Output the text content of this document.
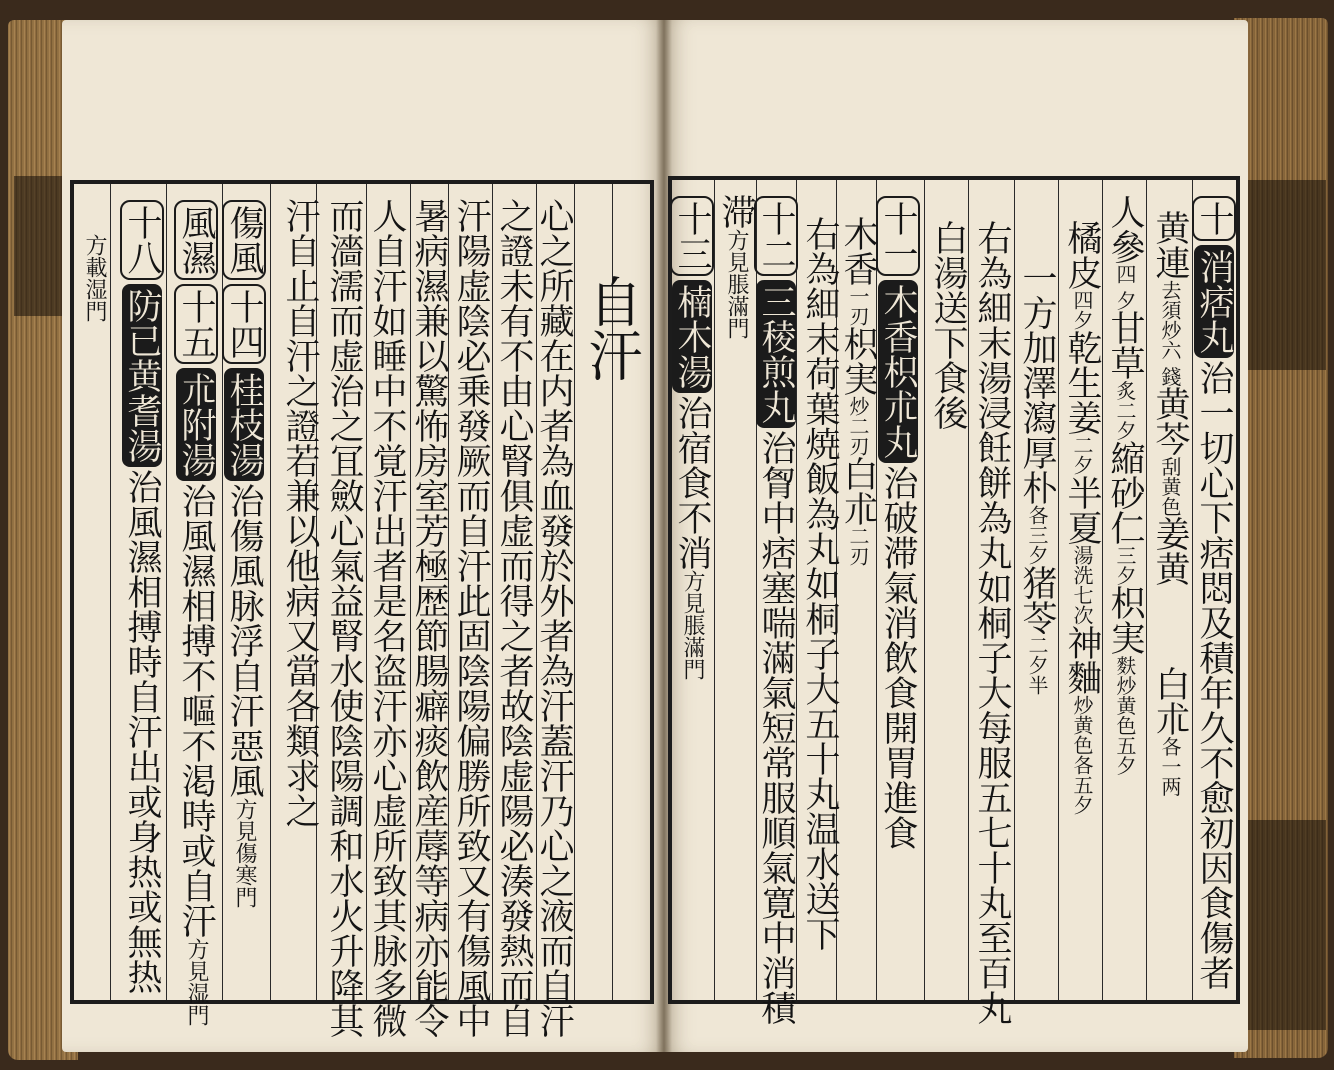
自汗
心之所藏在内者為血發於外者為汗蓋汗乃心之液而自汗
之證未有不由心腎俱虚而得之者故陰虚陽必湊發熱而自
汗陽虚陰必乗發厥而自汗此固陰陽偏勝所致又有傷風中
暑病濕兼以驚怖房室芳極歴節腸癖痰飲産蓐等病亦能令
人自汗如睡中不覚汗出者是名盗汗亦心虚所致其脉多微
而濇濡而虚治之冝斂心氣益腎水使陰陽調和水火升降其
汗自止自汗之證若兼以他病又當各類求之
傷風十四桂枝湯治傷風脉浮自汗惡風方見傷寒門
風濕十五朮附湯治風濕相搏不嘔不渇時或自汗方見湿門
十八防已黄耆湯治風濕相搏時自汗出或身热或無热
方載湿門
十消痞丸治一切心下痞悶及積年久不愈初因食傷者
黄連去須炒六 錢黄芩刮黄色姜黄白朮各一两
人參四 夕甘草炙二夕縮砂仁三夕枳実麩炒黄色五夕
橘皮四夕乾生姜二夕半夏湯洗七次神麯炒黄色各五夕
一方加澤瀉厚朴各三夕猪苓二夕半
右為細末湯浸飪餅為丸如桐子大每服五七十丸至百丸
白湯送下食後
十一木香枳朮丸治破滞氣消飲食開胃進食
木香一刃枳実炒二刃白朮二刃
右為細末荷葉焼飯為丸如桐子大五十丸温水送下
十二三稜煎丸治胷中痞塞喘滿氣短常服順氣寛中消積
滞方見脹滿門
十三楠木湯治宿食不消方見脹滿門
